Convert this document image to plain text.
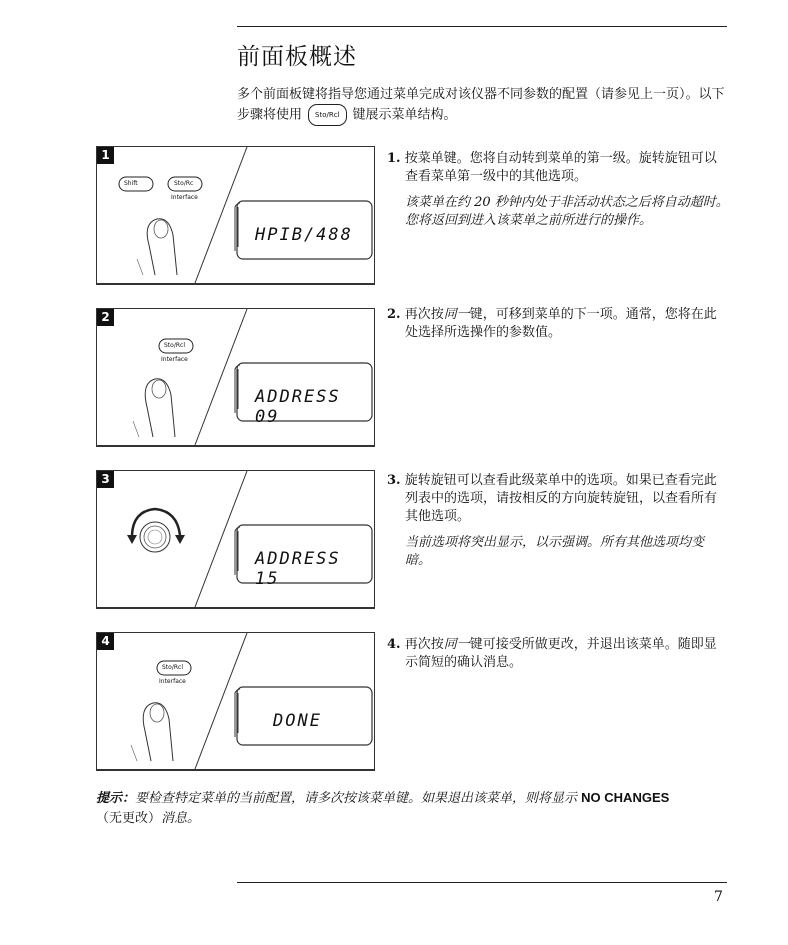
前面板概述
多个前面板键将指导您通过菜单完成对该仪器不同参数的配置（请参见上一页）。以下步骤将使用 Sto/Rcl 键展示菜单结构。
1
Shift	Sto/Rc
Interface
HPIB/488
2
Sto/Rcl
Interface
ADDRESS 09
3
ADDRESS 15
4
Sto/Rcl
Interface
DONE
1. 按菜单键。您将自动转到菜单的第一级。旋转旋钮可以查看菜单第一级中的其他选项。
该菜单在约 20 秒钟内处于非活动状态之后将自动超时。您将返回到进入该菜单之前所进行的操作。
2. 再次按同一键，可移到菜单的下一项。通常，您将在此处选择所选操作的参数值。
3. 旋转旋钮可以查看此级菜单中的选项。如果已查看完此列表中的选项，请按相反的方向旋转旋钮，以查看所有其他选项。
当前选项将突出显示，以示强调。所有其他选项均变暗。
4. 再次按同一键可接受所做更改，并退出该菜单。随即显示简短的确认消息。
提示：要检查特定菜单的当前配置，请多次按该菜单键。如果退出该菜单，则将显示 NO CHANGES
（无更改）消息。
7
